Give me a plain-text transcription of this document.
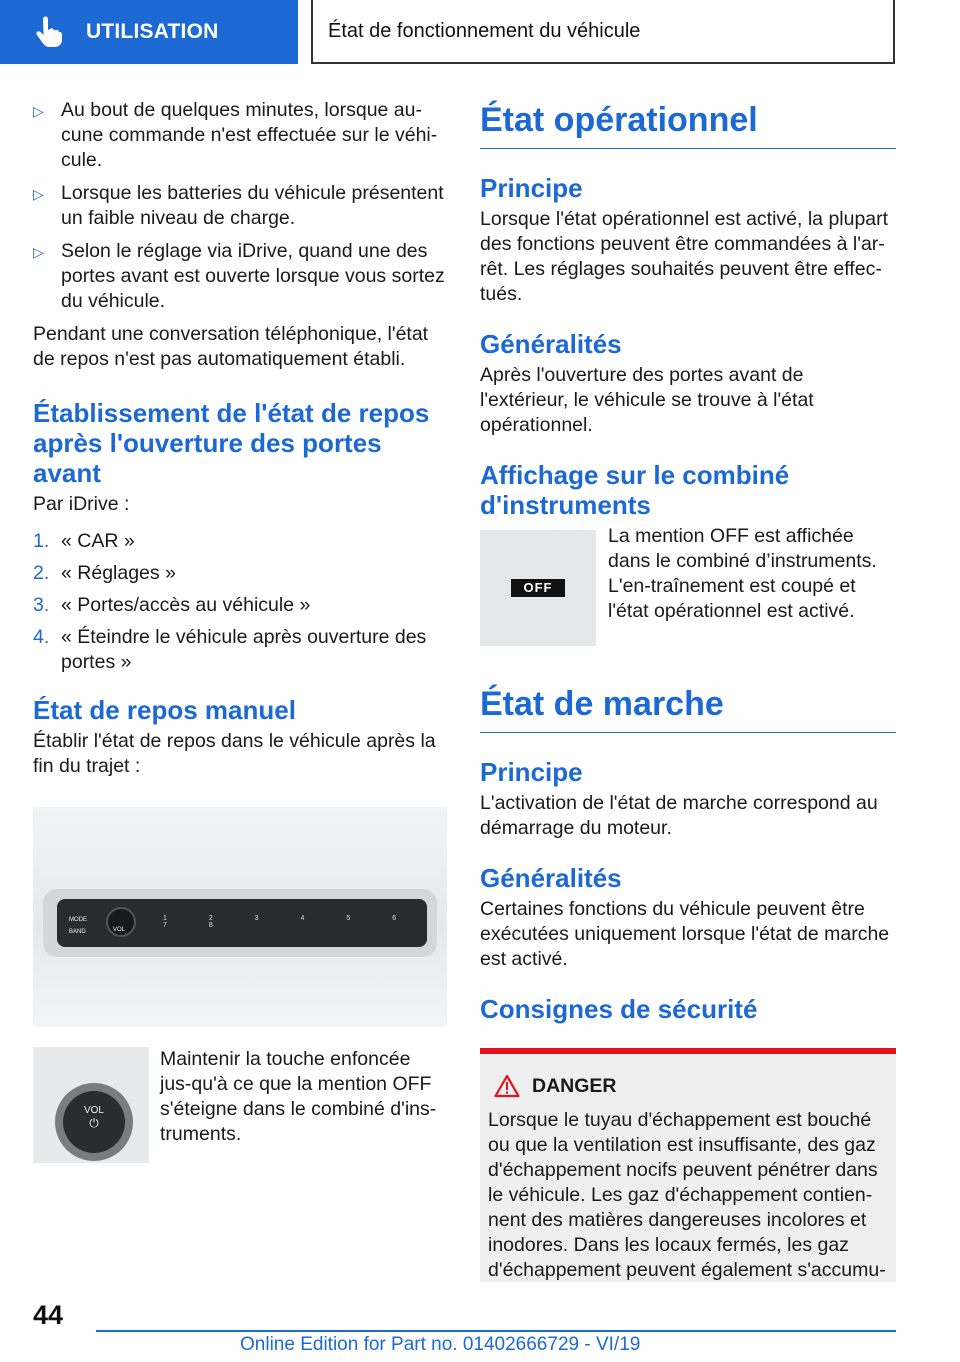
UTILISATION	État de fonctionnement du véhicule
▷ Au bout de quelques minutes, lorsque au-cune commande n'est effectuée sur le véhi-cule.
▷ Lorsque les batteries du véhicule présentent un faible niveau de charge.
▷ Selon le réglage via iDrive, quand une des portes avant est ouverte lorsque vous sortez du véhicule.

Pendant une conversation téléphonique, l'état de repos n'est pas automatiquement établi.

Établissement de l'état de repos après l'ouverture des portes avant

Par iDrive :

1. « CAR »
2. « Réglages »
3. « Portes/accès au véhicule »
4. « Éteindre le véhicule après ouverture des portes »
État de repos manuel

Établir l'état de repos dans le véhicule après la fin du trajet :

MODE
BAND	VOL
1 2 3 4 5 6 7 8
VOL
⏻

Maintenir la touche enfoncée jus-qu'à ce que la mention OFF s'éteigne dans le combiné d'ins-truments.

État opérationnel
Principe

Lorsque l'état opérationnel est activé, la plupart des fonctions peuvent être commandées à l'ar-rêt. Les réglages souhaités peuvent être effec-tués.

Généralités

Après l'ouverture des portes avant de l'extérieur, le véhicule se trouve à l'état opérationnel.

Affichage sur le combiné d'instruments
OFF

La mention OFF est affichée dans le combiné d’instruments. L'en-traînement est coupé et l'état opérationnel est activé.

État de marche
Principe

L'activation de l'état de marche correspond au démarrage du moteur.

Généralités

Certaines fonctions du véhicule peuvent être exécutées uniquement lorsque l'état de marche est activé.

Consignes de sécurité
DANGER

Lorsque le tuyau d'échappement est bouché ou que la ventilation est insuffisante, des gaz d'échappement nocifs peuvent pénétrer dans le véhicule. Les gaz d'échappement contien-nent des matières dangereuses incolores et inodores. Dans les locaux fermés, les gaz d'échappement peuvent également s'accumu-

44
Online Edition for Part no. 01402666729 - VI/19
